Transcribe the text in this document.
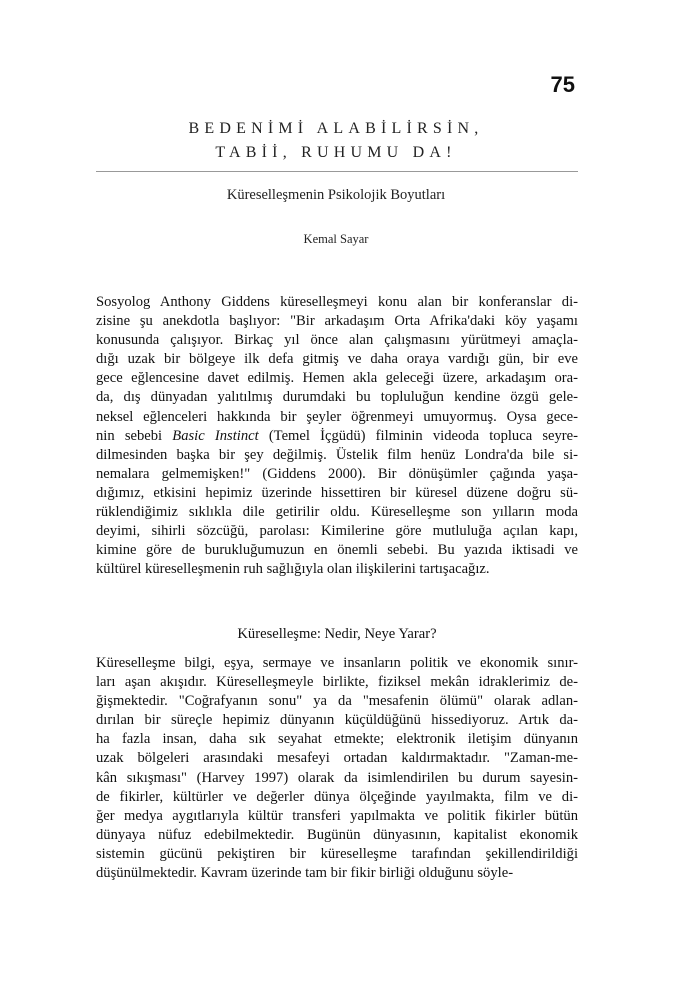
75
BEDENİMİ ALABİLİRSİN,
TABİİ, RUHUMU DA!
Küreselleşmenin Psikolojik Boyutları
Kemal Sayar
Sosyolog Anthony Giddens küreselleşmeyi konu alan bir konferanslar di-
zisine şu anekdotla başlıyor: "Bir arkadaşım Orta Afrika'daki köy yaşamı
konusunda çalışıyor. Birkaç yıl önce alan çalışmasını yürütmeyi amaçla-
dığı uzak bir bölgeye ilk defa gitmiş ve daha oraya vardığı gün, bir eve
gece eğlencesine davet edilmiş. Hemen akla geleceği üzere, arkadaşım ora-
da, dış dünyadan yalıtılmış durumdaki bu topluluğun kendine özgü gele-
neksel eğlenceleri hakkında bir şeyler öğrenmeyi umuyormuş. Oysa gece-
nin sebebi Basic Instinct (Temel İçgüdü) filminin videoda topluca seyre-
dilmesinden başka bir şey değilmiş. Üstelik film henüz Londra'da bile si-
nemalara gelmemişken!" (Giddens 2000). Bir dönüşümler çağında yaşa-
dığımız, etkisini hepimiz üzerinde hissettiren bir küresel düzene doğru sü-
rüklendiğimiz sıklıkla dile getirilir oldu. Küreselleşme son yılların moda
deyimi, sihirli sözcüğü, parolası: Kimilerine göre mutluluğa açılan kapı,
kimine göre de burukluğumuzun en önemli sebebi. Bu yazıda iktisadi ve
kültürel küreselleşmenin ruh sağlığıyla olan ilişkilerini tartışacağız.
Küreselleşme: Nedir, Neye Yarar?
Küreselleşme bilgi, eşya, sermaye ve insanların politik ve ekonomik sınır-
ları aşan akışıdır. Küreselleşmeyle birlikte, fiziksel mekân idraklerimiz de-
ğişmektedir. "Coğrafyanın sonu" ya da "mesafenin ölümü" olarak adlan-
dırılan bir süreçle hepimiz dünyanın küçüldüğünü hissediyoruz. Artık da-
ha fazla insan, daha sık seyahat etmekte; elektronik iletişim dünyanın
uzak bölgeleri arasındaki mesafeyi ortadan kaldırmaktadır. "Zaman-me-
kân sıkışması" (Harvey 1997) olarak da isimlendirilen bu durum sayesin-
de fikirler, kültürler ve değerler dünya ölçeğinde yayılmakta, film ve di-
ğer medya aygıtlarıyla kültür transferi yapılmakta ve politik fikirler bütün
dünyaya nüfuz edebilmektedir. Bugünün dünyasının, kapitalist ekonomik
sistemin gücünü pekiştiren bir küreselleşme tarafından şekillendirildiği
düşünülmektedir. Kavram üzerinde tam bir fikir birliği olduğunu söyle-
